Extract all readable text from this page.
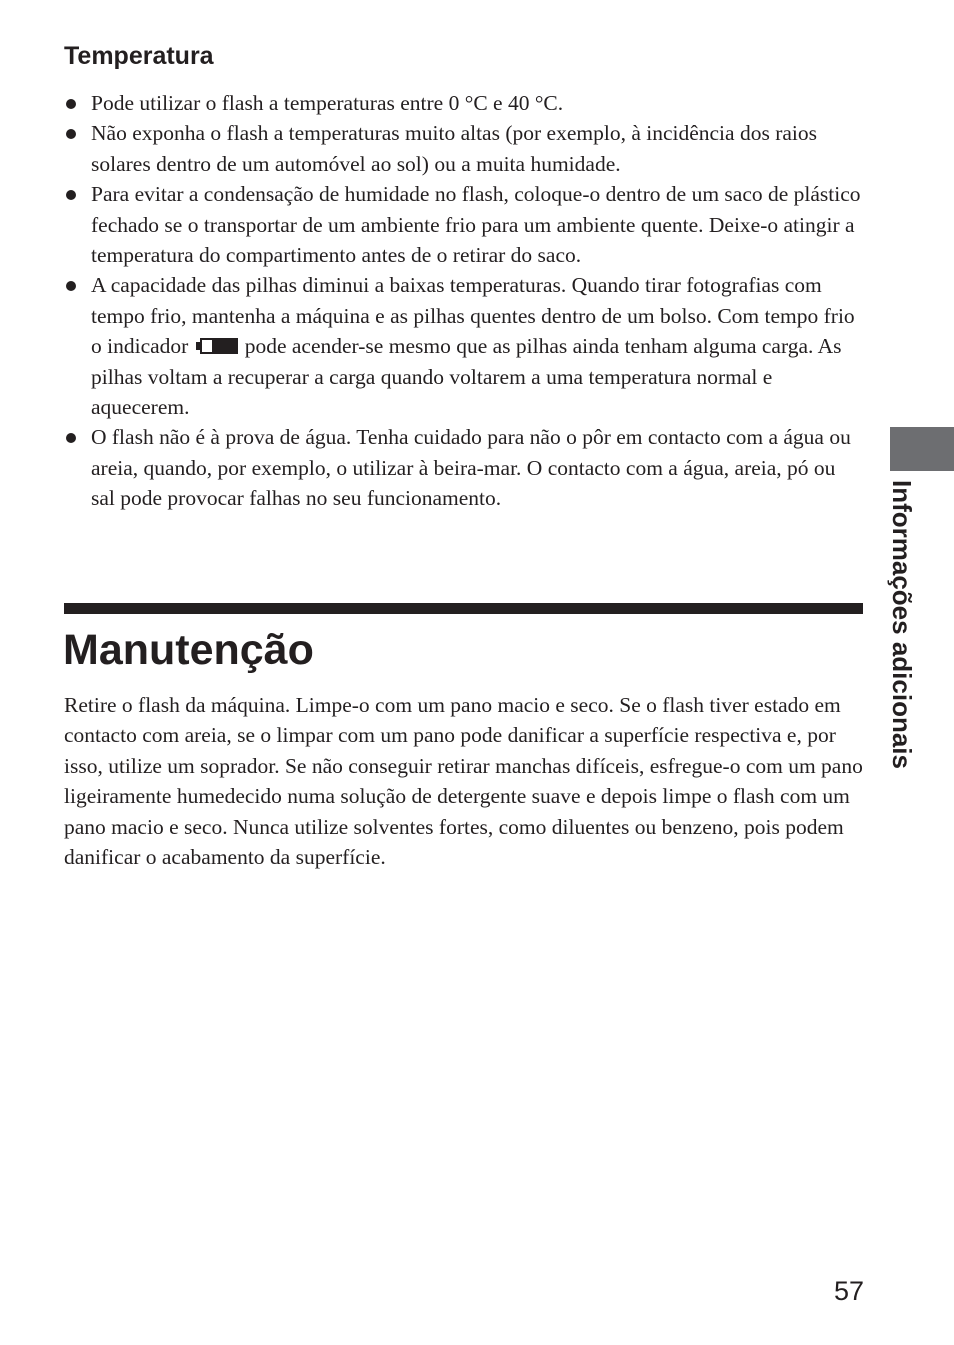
Temperatura
Pode utilizar o flash a temperaturas entre 0 °C e 40 °C.
Não exponha o flash a temperaturas muito altas (por exemplo, à incidência dos raios solares dentro de um automóvel ao sol) ou a muita humidade.
Para evitar a condensação de humidade no flash, coloque-o dentro de um saco de plástico fechado se o transportar de um ambiente frio para um ambiente quente. Deixe-o atingir a temperatura do compartimento antes de o retirar do saco.
A capacidade das pilhas diminui a baixas temperaturas. Quando tirar fotografias com tempo frio, mantenha a máquina e as pilhas quentes dentro de um bolso. Com tempo frio o indicador	pode acender-se mesmo que as pilhas ainda tenham alguma carga. As pilhas voltam a recuperar a carga quando voltarem a uma temperatura normal e aquecerem.
O flash não é à prova de água. Tenha cuidado para não o pôr em contacto com a água ou areia, quando, por exemplo, o utilizar à beira-mar. O contacto com a água, areia, pó ou sal pode provocar falhas no seu funcionamento.
Manutenção

Retire o flash da máquina. Limpe-o com um pano macio e seco. Se o flash tiver estado em contacto com areia, se o limpar com um pano pode danificar a superfície respectiva e, por isso, utilize um soprador. Se não conseguir retirar manchas difíceis, esfregue-o com um pano ligeiramente humedecido numa solução de detergente suave e depois limpe o flash com um pano macio e seco. Nunca utilize solventes fortes, como diluentes ou benzeno, pois podem danificar o acabamento da superfície.

Informações adicionais
57
